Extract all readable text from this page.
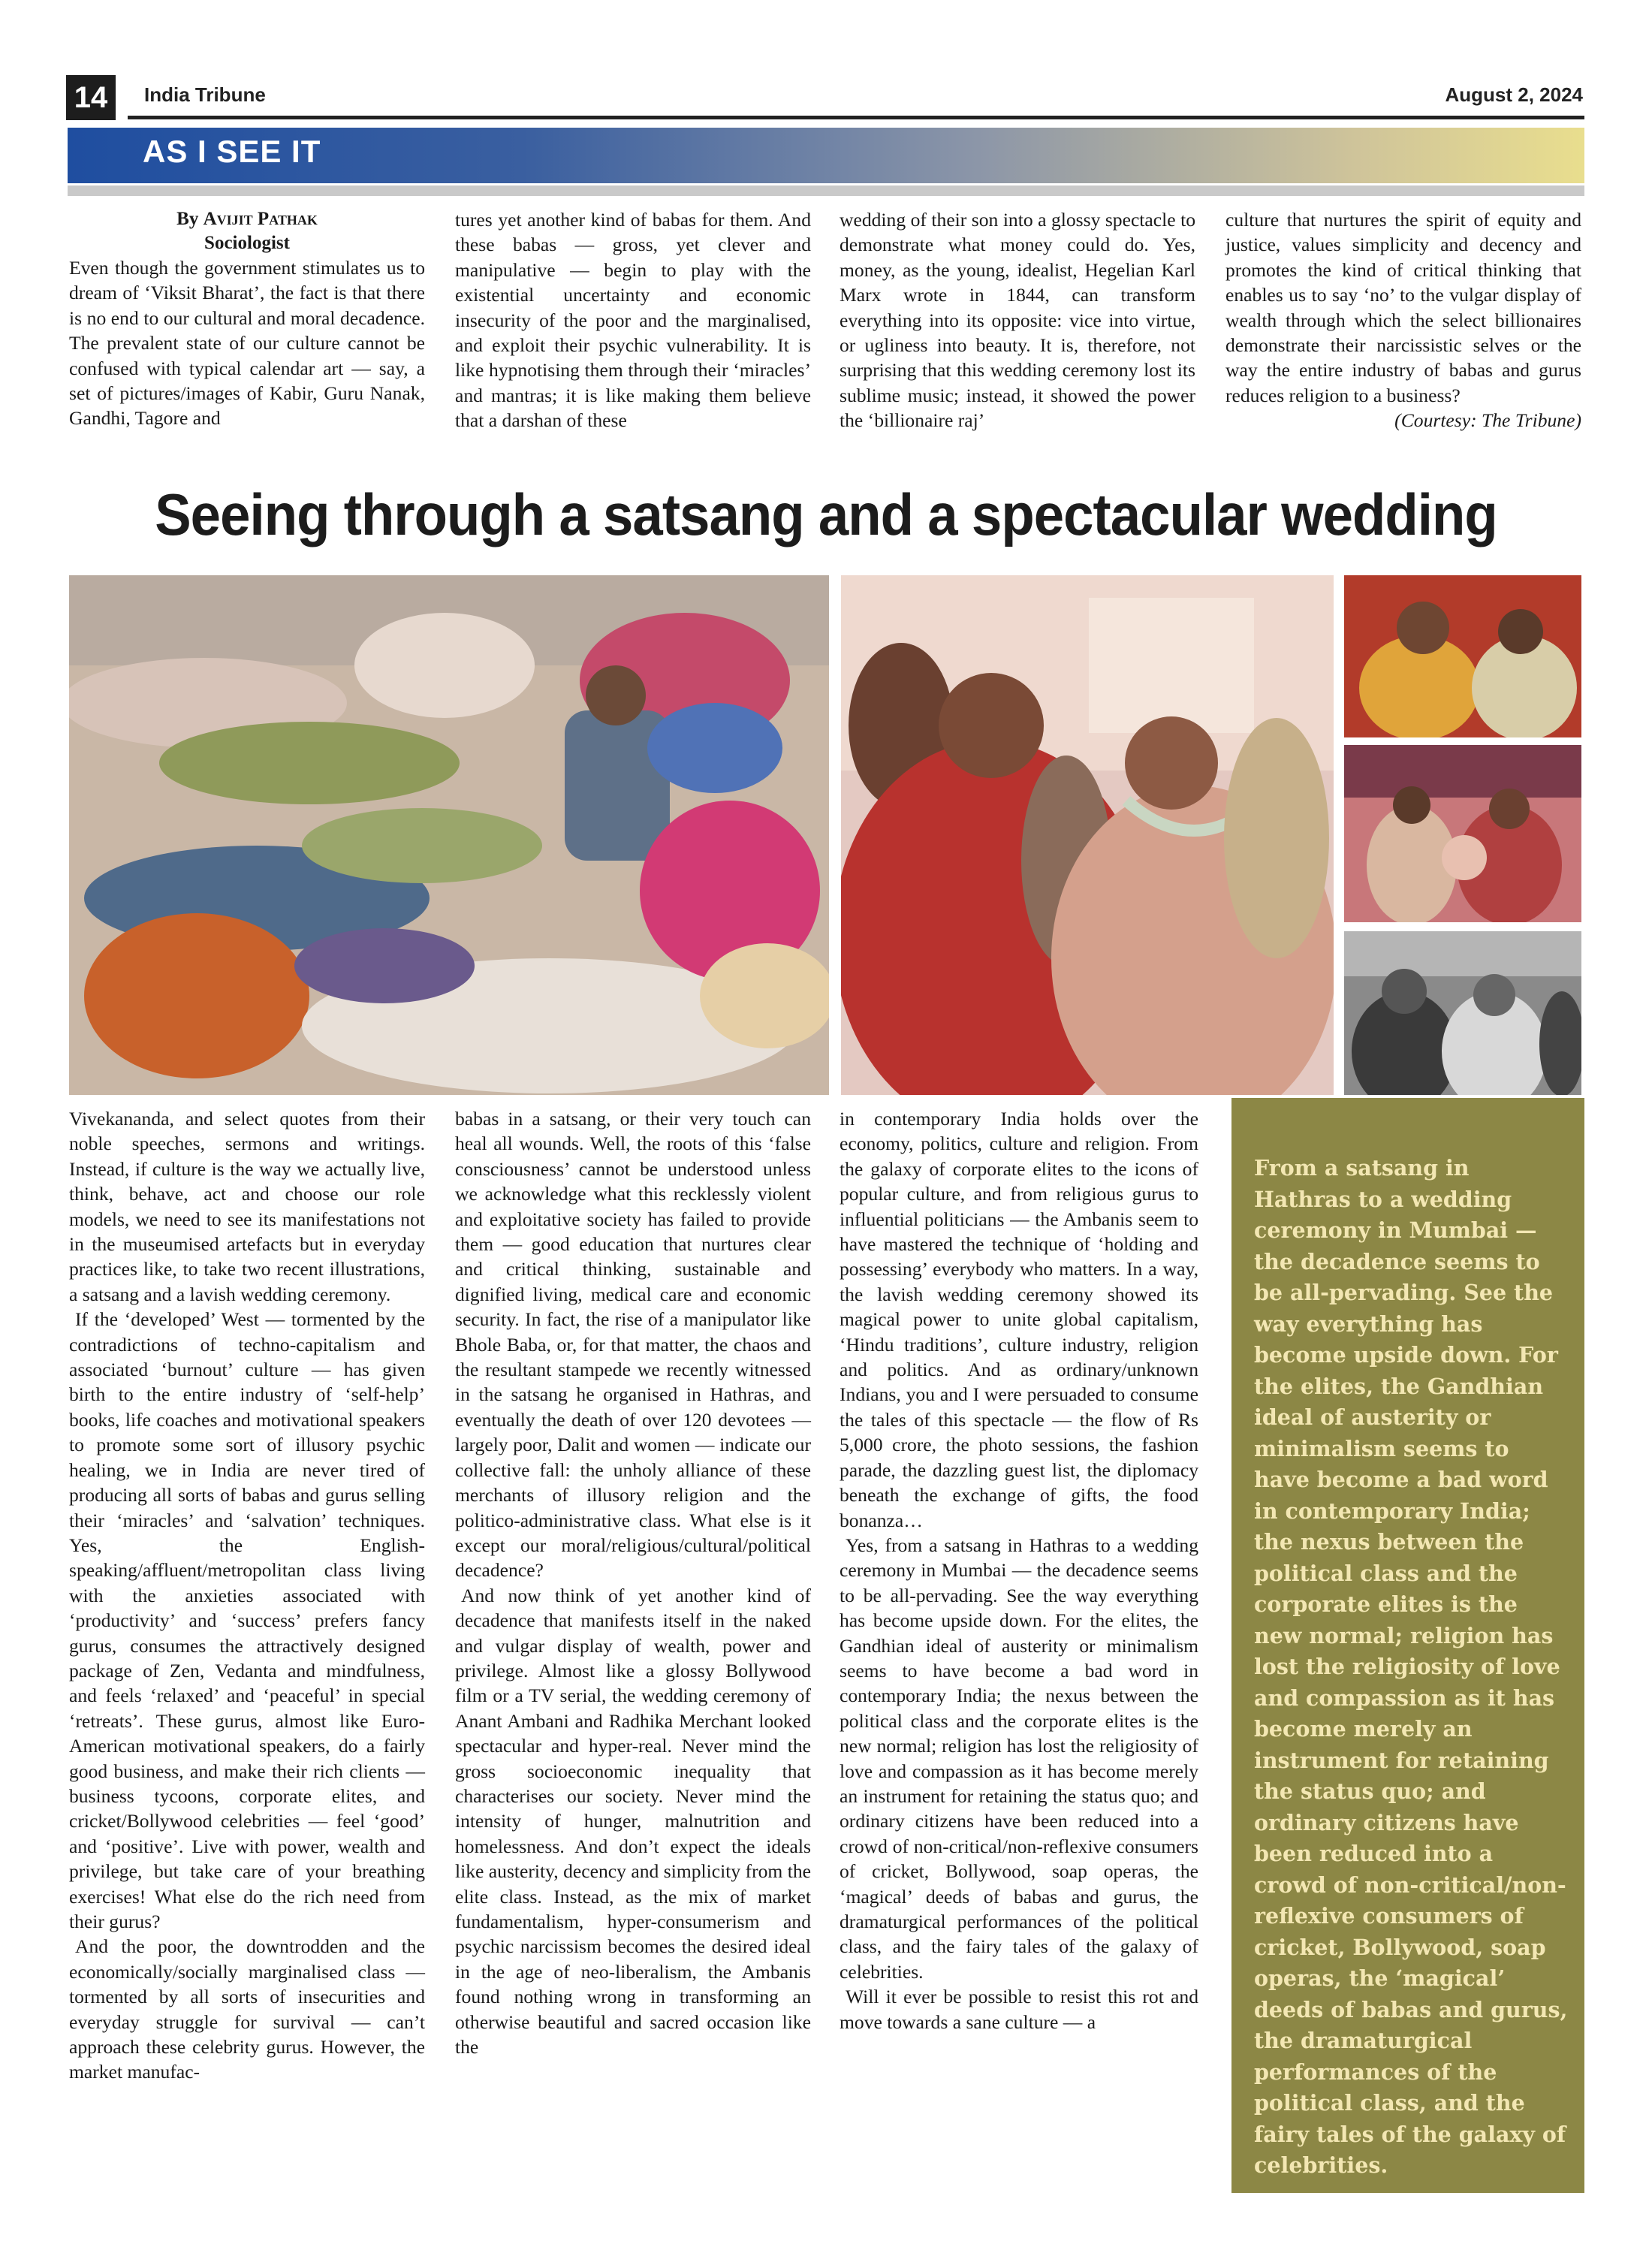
14	India Tribune	August 2, 2024
AS I SEE IT
By Avijit Pathak
Sociologist

Even though the government stimulates us to dream of ‘Viksit Bharat’, the fact is that there is no end to our cultural and moral decadence. The prevalent state of our culture cannot be confused with typical calendar art — say, a set of pictures/images of Kabir, Guru Nanak, Gandhi, Tagore and

tures yet another kind of babas for them. And these babas — gross, yet clever and manipulative — begin to play with the existential uncertainty and economic insecurity of the poor and the marginalised, and exploit their psychic vulnerability. It is like hypnotising them through their ‘miracles’ and mantras; it is like making them believe that a darshan of these

wedding of their son into a glossy spectacle to demonstrate what money could do. Yes, money, as the young, idealist, Hegelian Karl Marx wrote in 1844, can transform everything into its opposite: vice into virtue, or ugliness into beauty. It is, therefore, not surprising that this wedding ceremony lost its sublime music; instead, it showed the power the ‘billionaire raj’

culture that nurtures the spirit of equity and justice, values simplicity and decency and promotes the kind of critical thinking that enables us to say ‘no’ to the vulgar display of wealth through which the select billionaires demonstrate their narcissistic selves or the way the entire industry of babas and gurus reduces religion to a business?

(Courtesy: The Tribune)
Seeing through a satsang and a spectacular wedding

Vivekananda, and select quotes from their noble speeches, sermons and writings. Instead, if culture is the way we actually live, think, behave, act and choose our role models, we need to see its manifestations not in the museumised artefacts but in everyday practices like, to take two recent illustrations, a satsang and a lavish wedding ceremony.

If the ‘developed’ West — tormented by the contradictions of techno-capitalism and associated ‘burnout’ culture — has given birth to the entire industry of ‘self-help’ books, life coaches and motivational speakers to promote some sort of illusory psychic healing, we in India are never tired of producing all sorts of babas and gurus selling their ‘miracles’ and ‘salvation’ techniques. Yes, the English-speaking/affluent/metropolitan class living with the anxieties associated with ‘productivity’ and ‘success’ prefers fancy gurus, consumes the attractively designed package of Zen, Vedanta and mindfulness, and feels ‘relaxed’ and ‘peaceful’ in special ‘retreats’. These gurus, almost like Euro-American motivational speakers, do a fairly good business, and make their rich clients — business tycoons, corporate elites, and cricket/Bollywood celebrities — feel ‘good’ and ‘positive’. Live with power, wealth and privilege, but take care of your breathing exercises! What else do the rich need from their gurus?

And the poor, the downtrodden and the economically/socially marginalised class — tormented by all sorts of insecurities and everyday struggle for survival — can’t approach these celebrity gurus. However, the market manufac-

babas in a satsang, or their very touch can heal all wounds. Well, the roots of this ‘false consciousness’ cannot be understood unless we acknowledge what this recklessly violent and exploitative society has failed to provide them — good education that nurtures clear and critical thinking, sustainable and dignified living, medical care and economic security. In fact, the rise of a manipulator like Bhole Baba, or, for that matter, the chaos and the resultant stampede we recently witnessed in the satsang he organised in Hathras, and eventually the death of over 120 devotees — largely poor, Dalit and women — indicate our collective fall: the unholy alliance of these merchants of illusory religion and the politico-administrative class. What else is it except our moral/religious/cultural/political decadence?

And now think of yet another kind of decadence that manifests itself in the naked and vulgar display of wealth, power and privilege. Almost like a glossy Bollywood film or a TV serial, the wedding ceremony of Anant Ambani and Radhika Merchant looked spectacular and hyper-real. Never mind the gross socioeconomic inequality that characterises our society. Never mind the intensity of hunger, malnutrition and homelessness. And don’t expect the ideals like austerity, decency and simplicity from the elite class. Instead, as the mix of market fundamentalism, hyper-consumerism and psychic narcissism becomes the desired ideal in the age of neo-liberalism, the Ambanis found nothing wrong in transforming an otherwise beautiful and sacred occasion like the

in contemporary India holds over the economy, politics, culture and religion. From the galaxy of corporate elites to the icons of popular culture, and from religious gurus to influential politicians — the Ambanis seem to have mastered the technique of ‘holding and possessing’ everybody who matters. In a way, the lavish wedding ceremony showed its magical power to unite global capitalism, ‘Hindu traditions’, culture industry, religion and politics. And as ordinary/unknown Indians, you and I were persuaded to consume the tales of this spectacle — the flow of Rs 5,000 crore, the photo sessions, the fashion parade, the dazzling guest list, the diplomacy beneath the exchange of gifts, the food bonanza…

Yes, from a satsang in Hathras to a wedding ceremony in Mumbai — the decadence seems to be all-pervading. See the way everything has become upside down. For the elites, the Gandhian ideal of austerity or minimalism seems to have become a bad word in contemporary India; the nexus between the political class and the corporate elites is the new normal; religion has lost the religiosity of love and compassion as it has become merely an instrument for retaining the status quo; and ordinary citizens have been reduced into a crowd of non-critical/non-reflexive consumers of cricket, Bollywood, soap operas, the ‘magical’ deeds of babas and gurus, the dramaturgical performances of the political class, and the fairy tales of the galaxy of celebrities.

Will it ever be possible to resist this rot and move towards a sane culture — a

From a satsang in Hathras to a wedding ceremony in Mumbai — the decadence seems to be all-pervading. See the way everything has become upside down. For the elites, the Gandhian ideal of austerity or minimalism seems to have become a bad word in contemporary India; the nexus between the political class and the corporate elites is the new normal; religion has lost the religiosity of love and compassion as it has become merely an instrument for retaining the status quo; and ordinary citizens have been reduced into a crowd of non-critical/non-reflexive consumers of cricket, Bollywood, soap operas, the ‘magical’ deeds of babas and gurus, the dramaturgical performances of the political class, and the fairy tales of the galaxy of celebrities.
